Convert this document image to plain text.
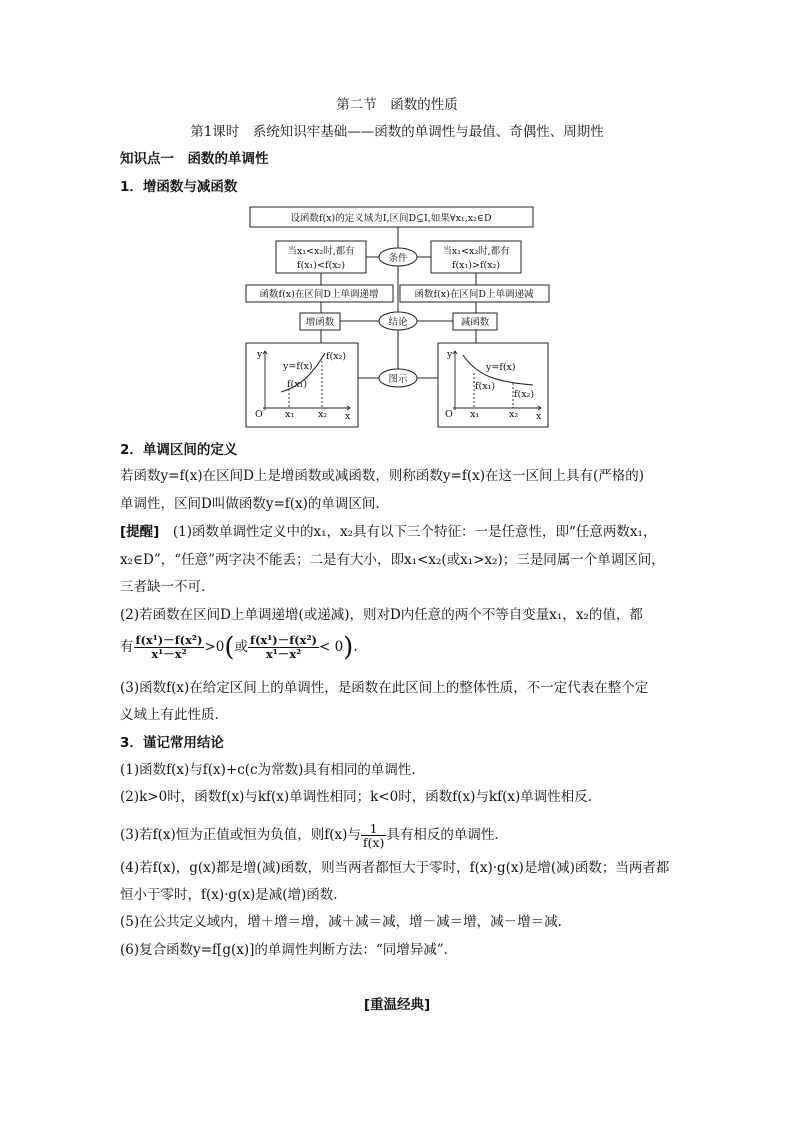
第二节　函数的性质
第1课时　系统知识牢基础——函数的单调性与最值、奇偶性、周期性
知识点一　函数的单调性
1．增函数与减函数
设函数f(x)的定义域为I,区间D⊆I,如果∀x₁,x₂∈D
当x₁<x₂时,都有
f(x₁)<f(x₂)
当x₁<x₂时,都有
f(x₁)>f(x₂)
条件
函数f(x)在区间D上单调递增	函数f(x)在区间D上单调递减
结论
增函数	减函数
图示
y
x
O x₁	x₂
y=f(x)
f(x₂)
f(x₁)
y
x
O x₁	x₂
y=f(x)
f(x₁)
f(x₂)
2．单调区间的定义
若函数y=f(x)在区间D上是增函数或减函数，则称函数y=f(x)在这一区间上具有(严格的)
单调性，区间D叫做函数y=f(x)的单调区间.
[提醒]　 (1)函数单调性定义中的x₁，x₂具有以下三个特征：一是任意性，即“任意两数x₁，
x₂∈D”，“任意”两字决不能丢；二是有大小，即x₁<x₂(或x₁>x₂)；三是同属一个单调区间，
三者缺一不可.
(2)若函数在区间D上单调递增(或递减)，则对D内任意的两个不等自变量x₁，x₂的值，都
有 $\frac{\text{f(x¹)－f(x²)}}{\text{x¹－x²}} >0$(或 $\frac{\text{f(x¹)－f(x²)}}{\text{x¹－x²}} < 0$).
(3)函数f(x)在给定区间上的单调性，是函数在此区间上的整体性质，不一定代表在整个定
义域上有此性质.
3．谨记常用结论
(1)函数f(x)与f(x)+c(c为常数)具有相同的单调性.
(2)k>0时，函数f(x)与kf(x)单调性相同；k<0时，函数f(x)与kf(x)单调性相反.
(3)若f(x)恒为正值或恒为负值，则f(x)与 $\frac{1}{f(x)}$ 具有相反的单调性.
(4)若f(x)，g(x)都是增(减)函数，则当两者都恒大于零时，f(x)·g(x)是增(减)函数；当两者都
恒小于零时，f(x)·g(x)是减(增)函数.
(5)在公共定义域内，增＋增＝增，减＋减＝减，增－减＝增，减－增＝减.
(6)复合函数y=f[g(x)]的单调性判断方法：“同增异减”.
[重温经典]
